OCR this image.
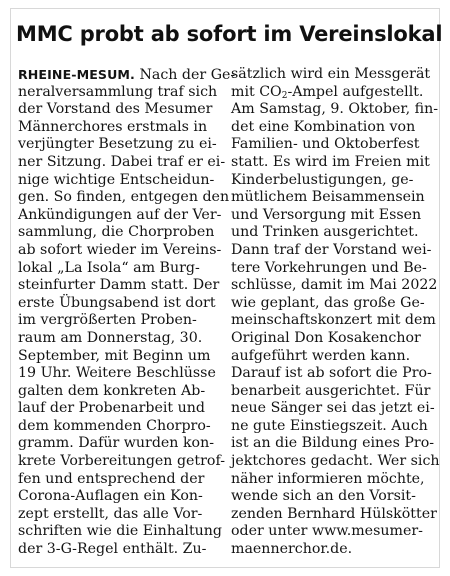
MMC probt ab sofort im Vereinslokal
RHEINE-MESUM. Nach der Ge-
neralversammlung traf sich
der Vorstand des Mesumer
Männerchores erstmals in
verjüngter Besetzung zu ei-
ner Sitzung. Dabei traf er ei-
nige wichtige Entscheidun-
gen. So finden, entgegen den
Ankündigungen auf der Ver-
sammlung, die Chorproben
ab sofort wieder im Vereins-
lokal „La Isola“ am Burg-
steinfurter Damm statt. Der
erste Übungsabend ist dort
im vergrößerten Proben-
raum am Donnerstag, 30.
September, mit Beginn um
19 Uhr. Weitere Beschlüsse
galten dem konkreten Ab-
lauf der Probenarbeit und
dem kommenden Chorpro-
gramm. Dafür wurden kon-
krete Vorbereitungen getrof-
fen und entsprechend der
Corona-Auflagen ein Kon-
zept erstellt, das alle Vor-
schriften wie die Einhaltung
der 3-G-Regel enthält. Zu-
sätzlich wird ein Messgerät
mit $CO_2$-Ampel aufgestellt.
Am Samstag, 9. Oktober, fin-
det eine Kombination von
Familien- und Oktoberfest
statt. Es wird im Freien mit
Kinderbelustigungen, ge-
mütlichem Beisammensein
und Versorgung mit Essen
und Trinken ausgerichtet.
Dann traf der Vorstand wei-
tere Vorkehrungen und Be-
schlüsse, damit im Mai 2022
wie geplant, das große Ge-
meinschaftskonzert mit dem
Original Don Kosakenchor
aufgeführt werden kann.
Darauf ist ab sofort die Pro-
benarbeit ausgerichtet. Für
neue Sänger sei das jetzt ei-
ne gute Einstiegszeit. Auch
ist an die Bildung eines Pro-
jektchores gedacht. Wer sich
näher informieren möchte,
wende sich an den Vorsit-
zenden Bernhard Hülskötter
oder unter www.mesumer-
maennerchor.de.
